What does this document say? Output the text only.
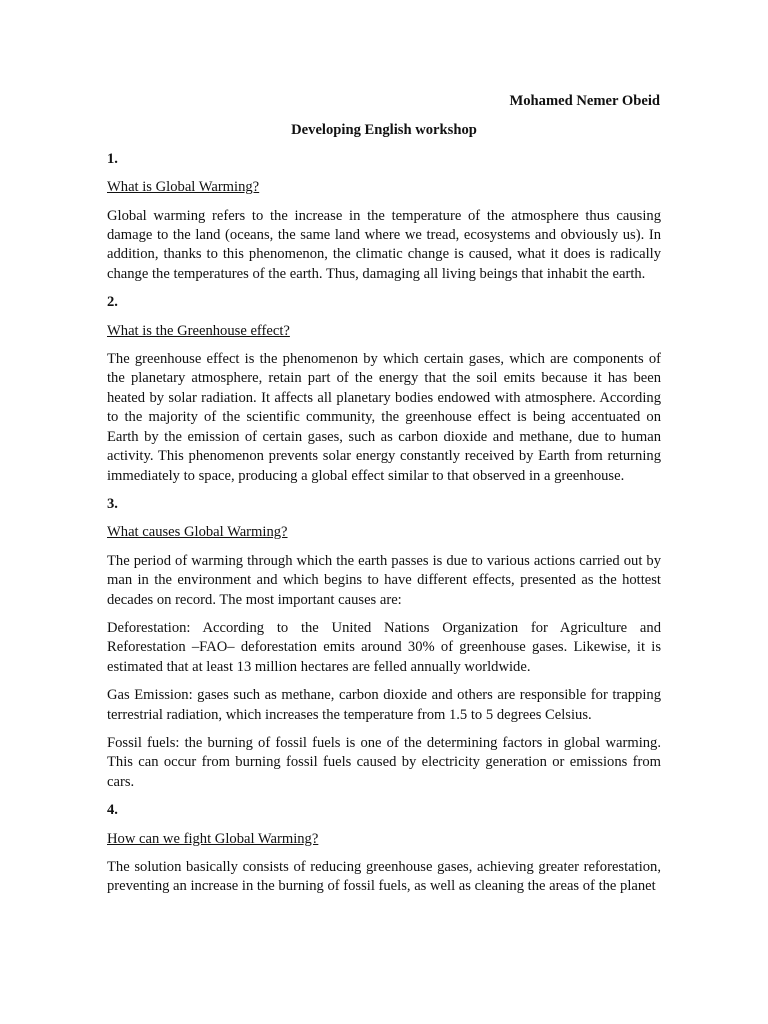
Mohamed Nemer Obeid
Developing English workshop
1.
What is Global Warming?
Global warming refers to the increase in the temperature of the atmosphere thus causing damage to the land (oceans, the same land where we tread, ecosystems and obviously us). In addition, thanks to this phenomenon, the climatic change is caused, what it does is radically change the temperatures of the earth. Thus, damaging all living beings that inhabit the earth.
2.
What is the Greenhouse effect?
The greenhouse effect is the phenomenon by which certain gases, which are components of the planetary atmosphere, retain part of the energy that the soil emits because it has been heated by solar radiation. It affects all planetary bodies endowed with atmosphere. According to the majority of the scientific community, the greenhouse effect is being accentuated on Earth by the emission of certain gases, such as carbon dioxide and methane, due to human activity. This phenomenon prevents solar energy constantly received by Earth from returning immediately to space, producing a global effect similar to that observed in a greenhouse.
3.
What causes Global Warming?
The period of warming through which the earth passes is due to various actions carried out by man in the environment and which begins to have different effects, presented as the hottest decades on record. The most important causes are:
Deforestation: According to the United Nations Organization for Agriculture and Reforestation –FAO– deforestation emits around 30% of greenhouse gases. Likewise, it is estimated that at least 13 million hectares are felled annually worldwide.
Gas Emission: gases such as methane, carbon dioxide and others are responsible for trapping terrestrial radiation, which increases the temperature from 1.5 to 5 degrees Celsius.
Fossil fuels: the burning of fossil fuels is one of the determining factors in global warming. This can occur from burning fossil fuels caused by electricity generation or emissions from cars.
4.
How can we fight Global Warming?
The solution basically consists of reducing greenhouse gases, achieving greater reforestation, preventing an increase in the burning of fossil fuels, as well as cleaning the areas of the planet
